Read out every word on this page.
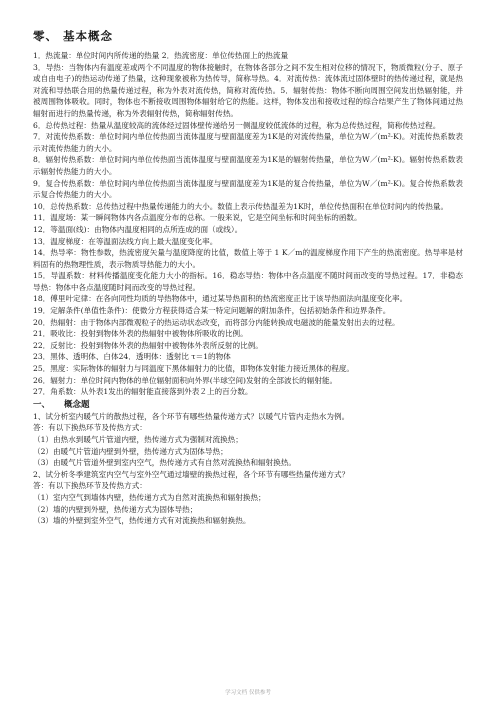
零、 基本概念

1．热流量：单位时间内所传递的热量 2．热流密度：单位传热面上的热流量

3．导热：当物体内有温度差或两个不同温度的物体接触时，在物体各部分之间不发生相对位移的情况下，物质微粒(分子、原子或自由电子)的热运动传递了热量，这种现象被称为热传导，简称导热。4．对流传热：流体流过固体壁时的热传递过程，就是热对流和导热联合用的热量传递过程，称为外表对流传热，简称对流传热。5．辐射传热：物体不断向周围空间发出热辐射能，并被周围物体吸收。同时，物体也不断接收周围物体辐射给它的热能。这样，物体发出和接收过程的综合结果产生了物体间通过热辐射而进行的热量传递，称为外表辐射传热，简称辐射传热。

6．总传热过程：热量从温度较高的流体经过固体壁传递给另一侧温度较低流体的过程，称为总传热过程，简称传热过程。

7．对流传热系数：单位时间内单位传热面当流体温度与壁面温度差为1K是的对流传热量，单位为W／(m²·K)。对流传热系数表示对流传热能力的大小。

8．辐射传热系数：单位时间内单位传热面当流体温度与壁面温度差为1K是的辐射传热量，单位为W／(m²·K)。辐射传热系数表示辐射传热能力的大小。

9．复合传热系数：单位时间内单位传热面当流体温度与壁面温度差为1K是的复合传热量，单位为W／(m²·K)。复合传热系数表示复合传热能力的大小。

10．总传热系数：总传热过程中热量传递能力的大小。数值上表示传热温差为1K时，单位传热面积在单位时间内的传热量。

11．温度场：某一瞬间物体内各点温度分布的总称。一般来说，它是空间坐标和时间坐标的函数。

12．等温面(线)：由物体内温度相同的点所连成的面（或线）。

13．温度梯度：在等温面法线方向上最大温度变化率。

14．热导率：物性参数，热流密度矢量与温度降度的比值，数值上等于 1 K／m的温度梯度作用下产生的热流密度。热导率是材料固有的热物理性质，表示物质导热能力的大小。

15．导温系数：材料传播温度变化能力大小的指标。16．稳态导热：物体中各点温度不随时间而改变的导热过程。17．非稳态导热：物体中各点温度随时间而改变的导热过程。

18．傅里叶定律：在各向同性均质的导热物体中，通过某导热面积的热流密度正比于该导热面法向温度变化率。

19．定解条件(单值性条件)：使微分方程获得适合某一特定问题解的附加条件，包括初始条件和边界条件。

20．热辐射：由于物体内部微观粒子的热运动状态改变，而将部分内能转换成电磁波的能量发射出去的过程。

21．吸收比：投射到物体外表的热辐射中被物体所吸收的比例。

22．反射比：投射到物体外表的热辐射中被物体外表所反射的比例。

23．黑体、透明体、白体24．透明体：透射比 τ＝1的物体

25．黑度：实际物体的辐射力与同温度下黑体辐射力的比值，即物体发射能力接近黑体的程度。

26．辐射力：单位时间内物体的单位辐射面积向外界(半球空间)发射的全部波长的辐射能。

27．角系数：从外表1发出的辐射能直接落到外表２上的百分数。

一、 概念题

1、试分析室内暖气片的散热过程，各个环节有哪些热量传递方式？以暖气片管内走热水为例。

答：有以下换热环节及传热方式：

（1）由热水到暖气片管道内壁，热传递方式为强制对流换热；

（2）由暖气片管道内壁到外壁，热传递方式为固体导热；

（3）由暖气片管道外壁到室内空气，热传递方式有自然对流换热和辐射换热。

2、试分析冬季建筑室内空气与室外空气通过墙壁的换热过程，各个环节有哪些热量传递方式？

答：有以下换热环节及传热方式：

（1）室内空气到墙体内壁，热传递方式为自然对流换热和辐射换热；

（2）墙的内壁到外壁，热传递方式为固体导热；

（3）墙的外壁到室外空气，热传递方式有对流换热和辐射换热。

学习文档 仅供参考
